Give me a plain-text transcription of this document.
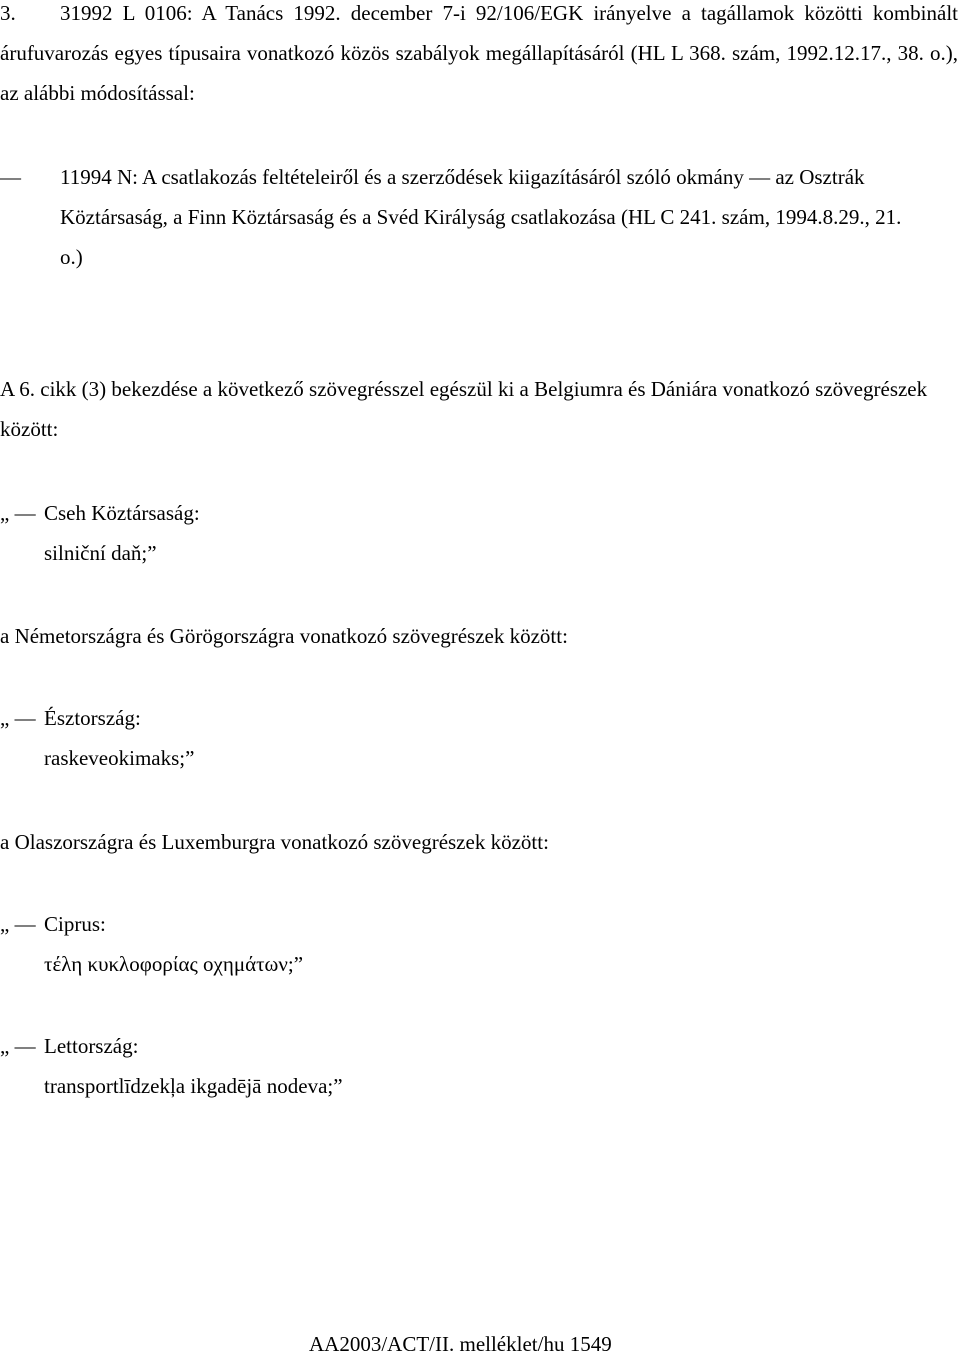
3. 31992 L 0106: A Tanács 1992. december 7-i 92/106/EGK irányelve a tagállamok közötti kombinált árufuvarozás egyes típusaira vonatkozó közös szabályok megállapításáról (HL L 368. szám, 1992.12.17., 38. o.), az alábbi módosítással:
—	11994 N: A csatlakozás feltételeiről és a szerződések kiigazításáról szóló okmány — az Osztrák Köztársaság, a Finn Köztársaság és a Svéd Királyság csatlakozása (HL C 241. szám, 1994.8.29., 21. o.)
A 6. cikk (3) bekezdése a következő szövegrésszel egészül ki a Belgiumra és Dániára vonatkozó szövegrészek között:
„ — Cseh Köztársaság:
silniční daň;”
a Németországra és Görögországra vonatkozó szövegrészek között:
„ — Észtország:
raskeveokimaks;”
a Olaszországra és Luxemburgra vonatkozó szövegrészek között:
„ — Ciprus:
τέλη κυκλοφορίας οχημάτων;”
„ — Lettország:
transportlīdzekļa ikgadējā nodeva;”
AA2003/ACT/II. melléklet/hu 1549
